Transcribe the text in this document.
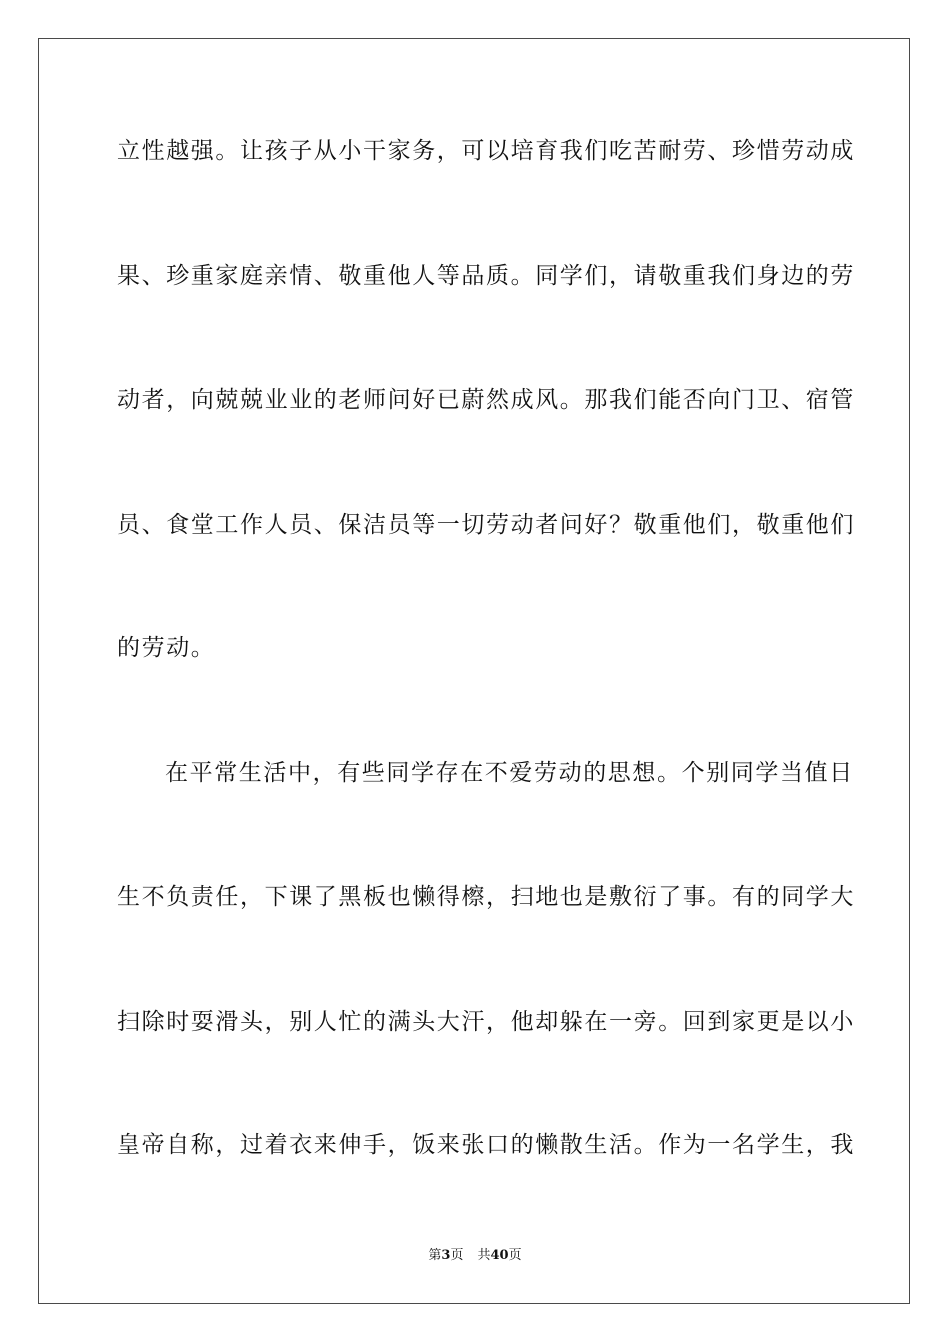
立性越强。让孩子从小干家务，可以培育我们吃苦耐劳、珍惜劳动成
果、珍重家庭亲情、敬重他人等品质。同学们，请敬重我们身边的劳
动者，向兢兢业业的老师问好已蔚然成风。那我们能否向门卫、宿管
员、食堂工作人员、保洁员等一切劳动者问好？敬重他们，敬重他们
的劳动。
在平常生活中，有些同学存在不爱劳动的思想。个别同学当值日
生不负责任，下课了黑板也懒得檫，扫地也是敷衍了事。有的同学大
扫除时耍滑头，别人忙的满头大汗，他却躲在一旁。回到家更是以小
皇帝自称，过着衣来伸手，饭来张口的懒散生活。作为一名学生，我
第3页 共40页
